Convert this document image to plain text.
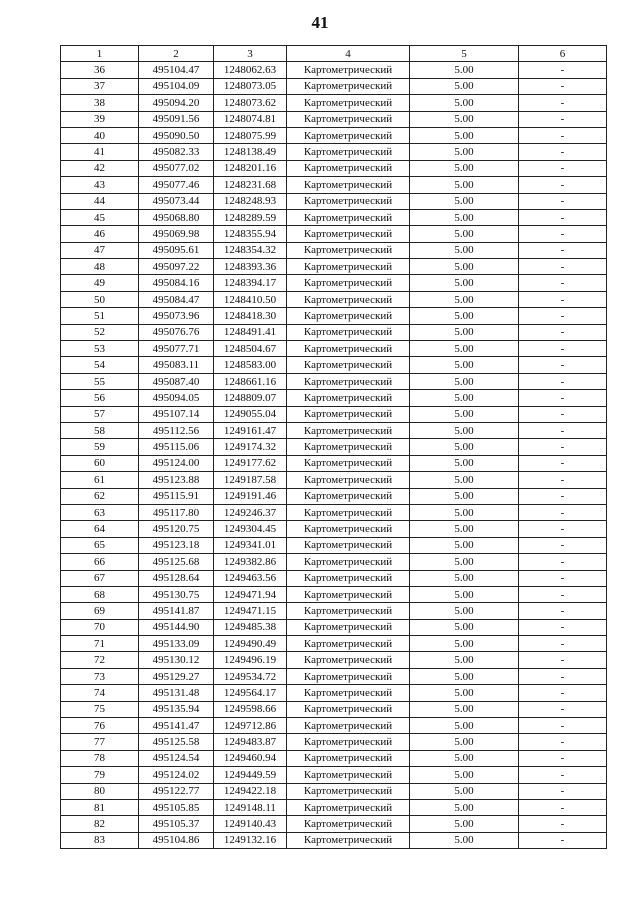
41
1	2	3	4	5	6
36	495104.47	1248062.63	Картометрический	5.00	-
37	495104.09	1248073.05	Картометрический	5.00	-
38	495094.20	1248073.62	Картометрический	5.00	-
39	495091.56	1248074.81	Картометрический	5.00	-
40	495090.50	1248075.99	Картометрический	5.00	-
41	495082.33	1248138.49	Картометрический	5.00	-
42	495077.02	1248201.16	Картометрический	5.00	-
43	495077.46	1248231.68	Картометрический	5.00	-
44	495073.44	1248248.93	Картометрический	5.00	-
45	495068.80	1248289.59	Картометрический	5.00	-
46	495069.98	1248355.94	Картометрический	5.00	-
47	495095.61	1248354.32	Картометрический	5.00	-
48	495097.22	1248393.36	Картометрический	5.00	-
49	495084.16	1248394.17	Картометрический	5.00	-
50	495084.47	1248410.50	Картометрический	5.00	-
51	495073.96	1248418.30	Картометрический	5.00	-
52	495076.76	1248491.41	Картометрический	5.00	-
53	495077.71	1248504.67	Картометрический	5.00	-
54	495083.11	1248583.00	Картометрический	5.00	-
55	495087.40	1248661.16	Картометрический	5.00	-
56	495094.05	1248809.07	Картометрический	5.00	-
57	495107.14	1249055.04	Картометрический	5.00	-
58	495112.56	1249161.47	Картометрический	5.00	-
59	495115.06	1249174.32	Картометрический	5.00	-
60	495124.00	1249177.62	Картометрический	5.00	-
61	495123.88	1249187.58	Картометрический	5.00	-
62	495115.91	1249191.46	Картометрический	5.00	-
63	495117.80	1249246.37	Картометрический	5.00	-
64	495120.75	1249304.45	Картометрический	5.00	-
65	495123.18	1249341.01	Картометрический	5.00	-
66	495125.68	1249382.86	Картометрический	5.00	-
67	495128.64	1249463.56	Картометрический	5.00	-
68	495130.75	1249471.94	Картометрический	5.00	-
69	495141.87	1249471.15	Картометрический	5.00	-
70	495144.90	1249485.38	Картометрический	5.00	-
71	495133.09	1249490.49	Картометрический	5.00	-
72	495130.12	1249496.19	Картометрический	5.00	-
73	495129.27	1249534.72	Картометрический	5.00	-
74	495131.48	1249564.17	Картометрический	5.00	-
75	495135.94	1249598.66	Картометрический	5.00	-
76	495141.47	1249712.86	Картометрический	5.00	-
77	495125.58	1249483.87	Картометрический	5.00	-
78	495124.54	1249460.94	Картометрический	5.00	-
79	495124.02	1249449.59	Картометрический	5.00	-
80	495122.77	1249422.18	Картометрический	5.00	-
81	495105.85	1249148.11	Картометрический	5.00	-
82	495105.37	1249140.43	Картометрический	5.00	-
83	495104.86	1249132.16	Картометрический	5.00	-
